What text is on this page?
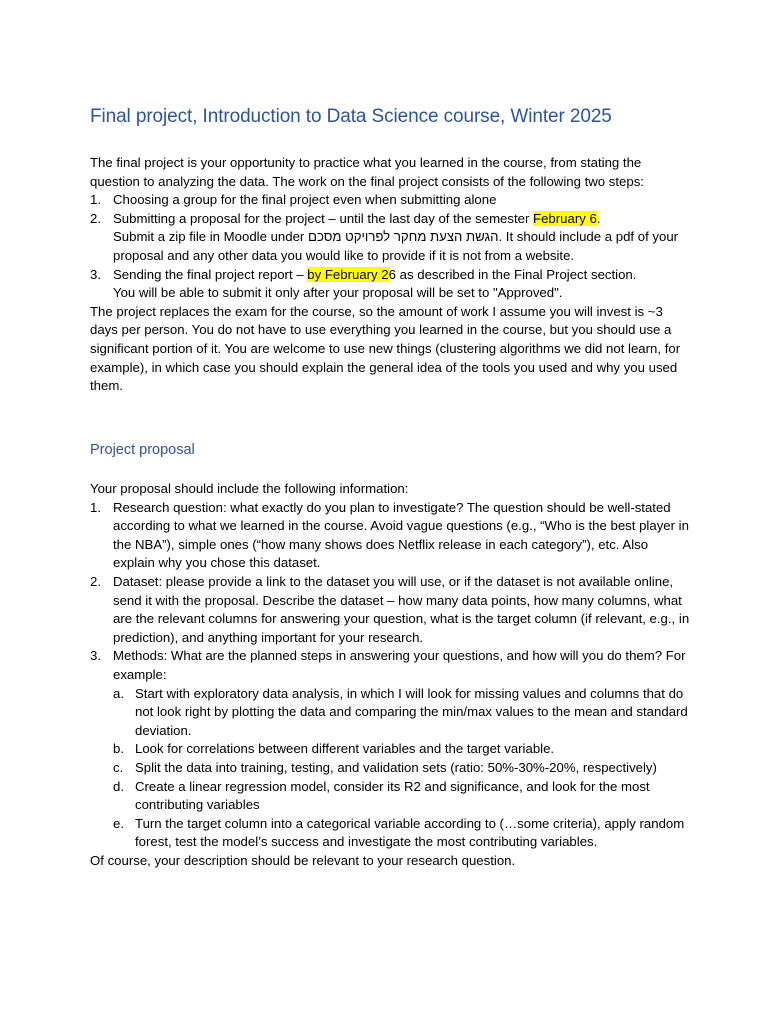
Final project, Introduction to Data Science course, Winter 2025

The final project is your opportunity to practice what you learned in the course, from stating the question to analyzing the data. The work on the final project consists of the following two steps:

1. Choosing a group for the final project even when submitting alone
2. Submitting a proposal for the project – until the last day of the semester February 6.
Submit a zip file in Moodle under הגשת הצעת מחקר לפרויקט מסכם. It should include a pdf of your proposal and any other data you would like to provide if it is not from a website.
3. Sending the final project report – by February 26 as described in the Final Project section.
You will be able to submit it only after your proposal will be set to "Approved".

The project replaces the exam for the course, so the amount of work I assume you will invest is ~3 days per person. You do not have to use everything you learned in the course, but you should use a significant portion of it. You are welcome to use new things (clustering algorithms we did not learn, for example), in which case you should explain the general idea of the tools you used and why you used them.

Project proposal

Your proposal should include the following information:

1. Research question: what exactly do you plan to investigate? The question should be well-stated according to what we learned in the course. Avoid vague questions (e.g., “Who is the best player in the NBA”), simple ones (“how many shows does Netflix release in each category”), etc. Also explain why you chose this dataset.
2. Dataset: please provide a link to the dataset you will use, or if the dataset is not available online, send it with the proposal. Describe the dataset – how many data points, how many columns, what are the relevant columns for answering your question, what is the target column (if relevant, e.g., in prediction), and anything important for your research.
3. Methods: What are the planned steps in answering your questions, and how will you do them? For example:
a. Start with exploratory data analysis, in which I will look for missing values and columns that do not look right by plotting the data and comparing the min/max values to the mean and standard deviation.
b. Look for correlations between different variables and the target variable.
c. Split the data into training, testing, and validation sets (ratio: 50%-30%-20%, respectively)
d. Create a linear regression model, consider its R2 and significance, and look for the most contributing variables
e. Turn the target column into a categorical variable according to (…some criteria), apply random forest, test the model’s success and investigate the most contributing variables.

Of course, your description should be relevant to your research question.
